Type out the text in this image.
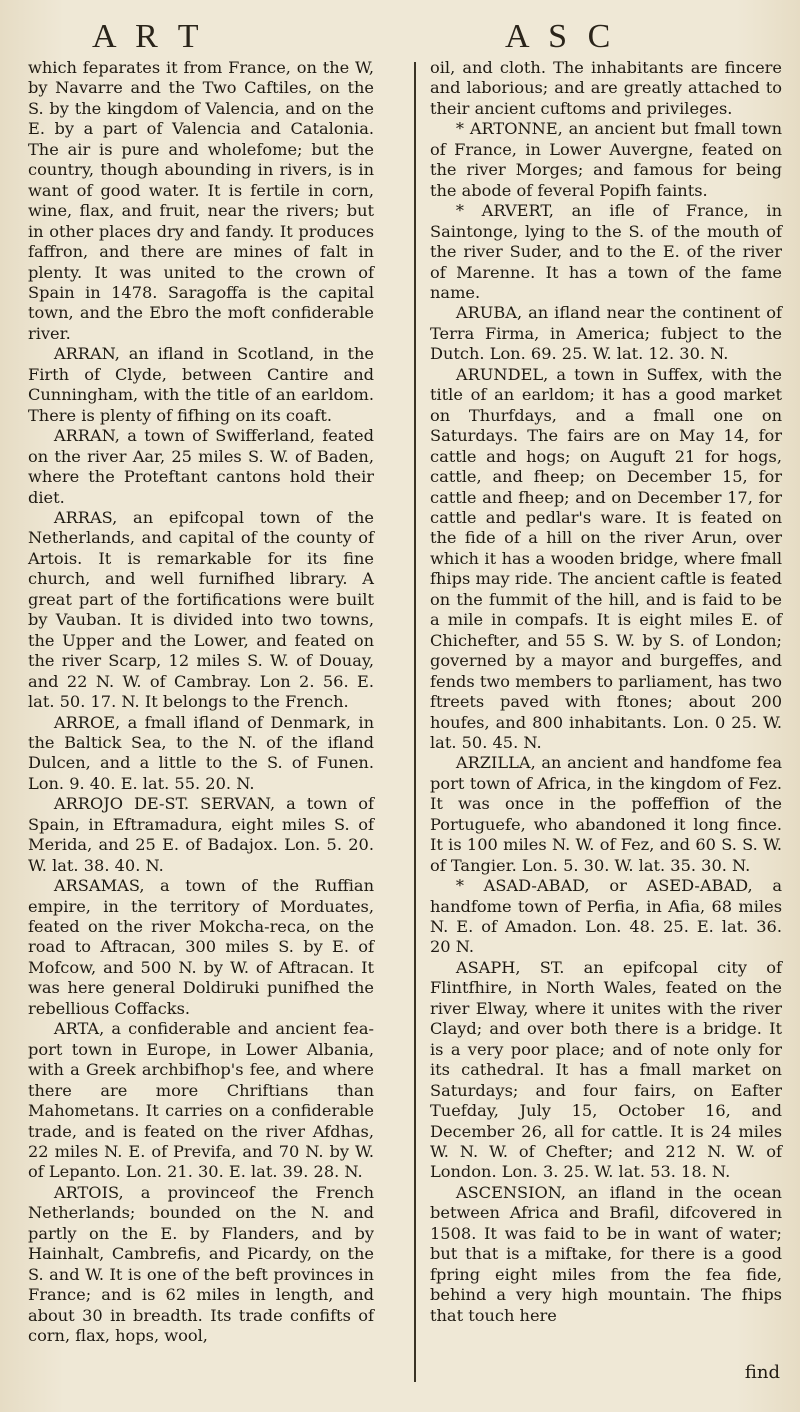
A R T	A S C

which feparates it from France, on the W, by Navarre and the Two Caftiles, on the S. by the kingdom of Valencia, and on the E. by a part of Valencia and Catalonia. The air is pure and wholefome; but the country, though abounding in rivers, is in want of good water. It is fertile in corn, wine, flax, and fruit, near the rivers; but in other places dry and fandy. It produces faffron, and there are mines of falt in plenty. It was united to the crown of Spain in 1478. Saragoffa is the capital town, and the Ebro the moft confiderable river.

ARRAN, an ifland in Scotland, in the Firth of Clyde, between Cantire and Cunningham, with the title of an earldom. There is plenty of fifhing on its coaft.

ARRAN, a town of Swifferland, feated on the river Aar, 25 miles S. W. of Baden, where the Proteftant cantons hold their diet.

ARRAS, an epifcopal town of the Netherlands, and capital of the county of Artois. It is remarkable for its fine church, and well furnifhed library. A great part of the fortifications were built by Vauban. It is divided into two towns, the Upper and the Lower, and feated on the river Scarp, 12 miles S. W. of Douay, and 22 N. W. of Cambray. Lon 2. 56. E. lat. 50. 17. N. It belongs to the French.

ARROE, a fmall ifland of Denmark, in the Baltick Sea, to the N. of the ifland Dulcen, and a little to the S. of Funen. Lon. 9. 40. E. lat. 55. 20. N.

ARROJO DE-ST. SERVAN, a town of Spain, in Eftramadura, eight miles S. of Merida, and 25 E. of Badajox. Lon. 5. 20. W. lat. 38. 40. N.

ARSAMAS, a town of the Ruffian empire, in the territory of Morduates, feated on the river Mokcha-reca, on the road to Aftracan, 300 miles S. by E. of Mofcow, and 500 N. by W. of Aftracan. It was here general Doldiruki punifhed the rebellious Coffacks.

ARTA, a confiderable and ancient fea-port town in Europe, in Lower Albania, with a Greek archbifhop's fee, and where there are more Chriftians than Mahometans. It carries on a confiderable trade, and is feated on the river Afdhas, 22 miles N. E. of Previfa, and 70 N. by W. of Lepanto. Lon. 21. 30. E. lat. 39. 28. N.

ARTOIS, a provinceof the French Netherlands; bounded on the N. and partly on the E. by Flanders, and by Hainhalt, Cambrefis, and Picardy, on the S. and W. It is one of the beft provinces in France; and is 62 miles in length, and about 30 in breadth. Its trade confifts of corn, flax, hops, wool,

oil, and cloth. The inhabitants are fincere and laborious; and are greatly attached to their ancient cuftoms and privileges.

* ARTONNE, an ancient but fmall town of France, in Lower Auvergne, feated on the river Morges; and famous for being the abode of feveral Popifh faints.

* ARVERT, an ifle of France, in Saintonge, lying to the S. of the mouth of the river Suder, and to the E. of the river of Marenne. It has a town of the fame name.

ARUBA, an ifland near the continent of Terra Firma, in America; fubject to the Dutch. Lon. 69. 25. W. lat. 12. 30. N.

ARUNDEL, a town in Suffex, with the title of an earldom; it has a good market on Thurfdays, and a fmall one on Saturdays. The fairs are on May 14, for cattle and hogs; on Auguft 21 for hogs, cattle, and fheep; on December 15, for cattle and fheep; and on December 17, for cattle and pedlar's ware. It is feated on the fide of a hill on the river Arun, over which it has a wooden bridge, where fmall fhips may ride. The ancient caftle is feated on the fummit of the hill, and is faid to be a mile in compafs. It is eight miles E. of Chichefter, and 55 S. W. by S. of London; governed by a mayor and burgeffes, and fends two members to parliament, has two ftreets paved with ftones; about 200 houfes, and 800 inhabitants. Lon. 0 25. W. lat. 50. 45. N.

ARZILLA, an ancient and handfome fea port town of Africa, in the kingdom of Fez. It was once in the poffeffion of the Portuguefe, who abandoned it long fince. It is 100 miles N. W. of Fez, and 60 S. S. W. of Tangier. Lon. 5. 30. W. lat. 35. 30. N.

* ASAD-ABAD, or ASED-ABAD, a handfome town of Perfia, in Afia, 68 miles N. E. of Amadon. Lon. 48. 25. E. lat. 36. 20 N.

ASAPH, ST. an epifcopal city of Flintfhire, in North Wales, feated on the river Elway, where it unites with the river Clayd; and over both there is a bridge. It is a very poor place; and of note only for its cathedral. It has a fmall market on Saturdays; and four fairs, on Eafter Tuefday, July 15, October 16, and December 26, all for cattle. It is 24 miles W. N. W. of Chefter; and 212 N. W. of London. Lon. 3. 25. W. lat. 53. 18. N.

ASCENSION, an ifland in the ocean between Africa and Brafil, difcovered in 1508. It was faid to be in want of water; but that is a miftake, for there is a good fpring eight miles from the fea fide, behind a very high mountain. The fhips that touch here

find
